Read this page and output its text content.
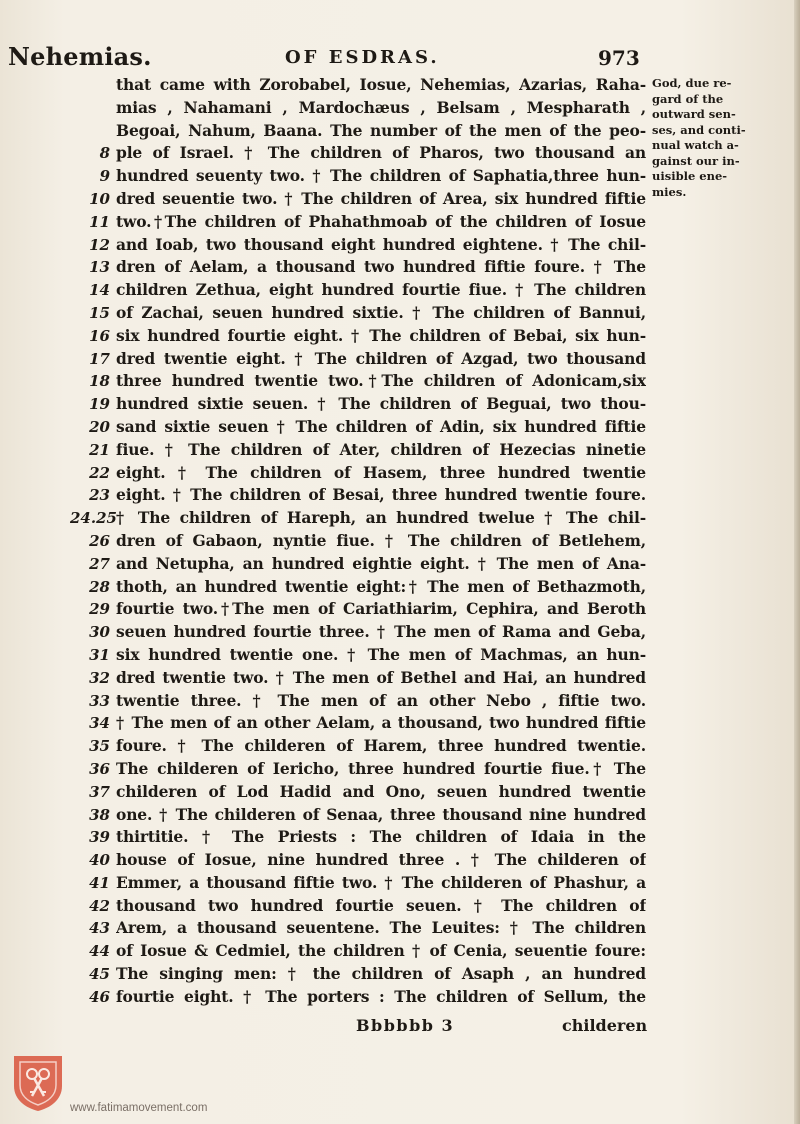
Nehemias.	OF ESDRAS.	973
that came with Zorobabel, Iosue, Nehemias, Azarias, Raha-
mias , Nahamani , Mardochæus , Belsam , Mespharath ,
Begoai, Nahum, Baana. The number of the men of the peo-
8 ple of Israel. † The children of Pharos, two thousand an
9 hundred seuenty two. † The children of Saphatia,three hun-
10 dred seuentie two. † The children of Area, six hundred fiftie
11 two.†The children of Phahathmoab of the children of Iosue
12 and Ioab, two thousand eight hundred eightene. † The chil-
13 dren of Aelam, a thousand two hundred fiftie foure. † The
14 children Zethua, eight hundred fourtie fiue. † The children
15 of Zachai, seuen hundred sixtie. † The children of Bannui,
16 six hundred fourtie eight. † The children of Bebai, six hun-
17 dred twentie eight. † The children of Azgad, two thousand
18 three hundred twentie two.†The children of Adonicam,six
19 hundred sixtie seuen. † The children of Beguai, two thou-
20 sand sixtie seuen † The children of Adin, six hundred fiftie
21 fiue. † The children of Ater, children of Hezecias ninetie
22 eight. † The children of Hasem, three hundred twentie
23 eight. † The children of Besai, three hundred twentie foure.
24.25 † The children of Hareph, an hundred twelue † The chil-
26 dren of Gabaon, nyntie fiue. † The children of Betlehem,
27 and Netupha, an hundred eightie eight. † The men of Ana-
28 thoth, an hundred twentie eight:† The men of Bethazmoth,
29 fourtie two.†The men of Cariathiarim, Cephira, and Beroth
30 seuen hundred fourtie three. † The men of Rama and Geba,
31 six hundred twentie one. † The men of Machmas, an hun-
32 dred twentie two. † The men of Bethel and Hai, an hundred
33 twentie three. † The men of an other Nebo , fiftie two.
34 † The men of an other Aelam, a thousand, two hundred fiftie
35 foure. † The childeren of Harem, three hundred twentie.
36 The childeren of Iericho, three hundred fourtie fiue.† The
37 childeren of Lod Hadid and Ono, seuen hundred twentie
38 one. † The childeren of Senaa, three thousand nine hundred
39 thirtitie. † The Priests : The children of Idaia in the
40 house of Iosue, nine hundred three . † The childeren of
41 Emmer, a thousand fiftie two. † The childeren of Phashur, a
42 thousand two hundred fourtie seuen. † The children of
43 Arem, a thousand seuentene. The Leuites: † The children
44 of Iosue & Cedmiel, the children † of Cenia, seuentie foure:
45 The singing men: † the children of Asaph , an hundred
46 fourtie eight. † The porters : The children of Sellum, the
God, due re-
gard of the
outward sen-
ses, and conti-
nual watch a-
gainst our in-
uisible ene-
mies.
Bbbbbb 3	childeren
www.fatimamovement.com
